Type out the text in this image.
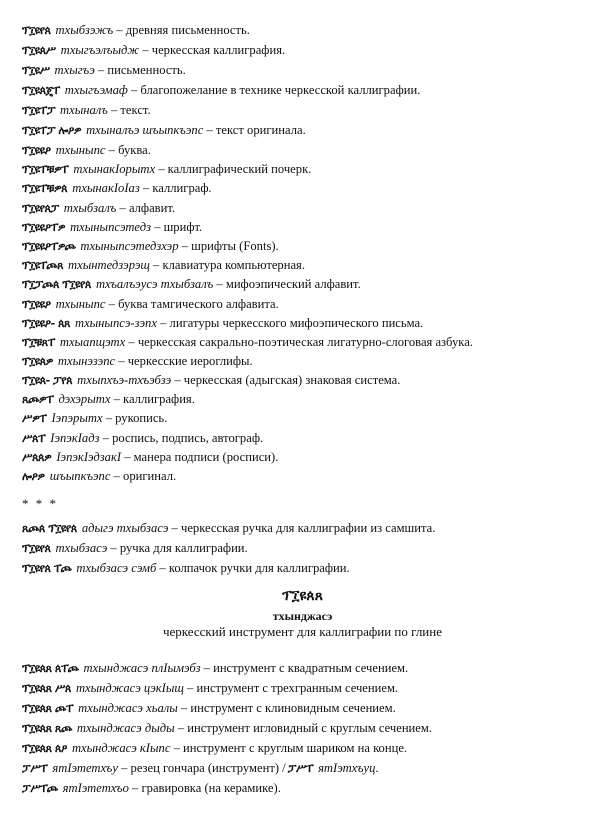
ፕ፲ዩየጰ тхыбзэжъ – древняя письменность.
ፕ፲ዩጰሥ тхыгъэлъыдж – черкесская каллиграфия.
ፕ፲ዩሥ тхыгъэ – письменность.
ፕ፲ዩጰጄፐ тхыгъэмаф – благопожелание в технике черкесской каллиграфии.
ፕ፲ዩፐፓ тхыналъ – текст.
ፕ፲ዩፐፓ ሎዖዎ тхыналъэ шъыпкъэпс – текст оригинала.
ፕ፲ዩዩዖ тхыныпс – буква.
ፕ፲ዩፐቹዎፐ тхынакIорытх – каллиграфический почерк.
ፕ፲ዩፐቹዎጰ тхынакIоIаз – каллиграф.
ፕ፲ዩየጰፓ тхыбзалъ – алфавит.
ፕ፲ዩዩዖፐዎ тхыныпсэтедз – шрифт.
ፕ፲ዩዩዖፐዎጮ тхыныпсэтедзхэр – шрифты (Fonts).
ፕ፲ዩፐጮጸ тхынтедзэрэщ – клавиатура компьютерная.
ፕ፲ፓጮጰ ፕ፲ዩየጰ тхъалъэусэ тхыбзалъ – мифоэпический алфавит.
ፕ፲ዩዩዖ тхыныпс – буква тамгического алфавита.
ፕ፲ዩዩዖ- ጰጸ тхыныпсэ-зэпх – лигатуры черкесского мифоэпического письма.
ፕ፲ቹጸፐ тхыапщэтх – черкесская сакрально-поэтическая лигатурно-слоговая азбука.
ፕ፲ዩጰዎ тхынэзэпс – черкесские иероглифы.
ፕ፲ዩጰ- ፓየጰ тхыпхъэ-тхъэбзэ – черкесская (адыгская) знаковая система.
ጸጮዎፐ дэхэрытх – каллиграфия.
ሥዎፐ Iэпэрытх – рукопись.
ሥጰፐ IэпэкIадз – роспись, подпись, автограф.
ሥጰጰዎ IэпэкIэдзакI – манера подписи (росписи).
ሎዖዎ шъыпкъэпс – оригинал.
* * *
ጸጮጰ ፕ፲ዩየጰ адыгэ тхыбзасэ – черкесская ручка для каллиграфии из самшита.
ፕ፲ዩየጰ тхыбзасэ – ручка для каллиграфии.
ፕ፲ዩየጰ ፐጮ тхыбзасэ сэмб – колпачок ручки для каллиграфии.
ፕ፲ዩጰጸ
тхынджасэ
черкесский инструмент для каллиграфии по глине
ፕ፲ዩጰጸ ጰፐጮ тхынджасэ плIымэбз – инструмент с квадратным сечением.
ፕ፲ዩጰጸ ሥጰ тхынджасэ цэкIыщ – инструмент с трехгранным сечением.
ፕ፲ዩጰጸ ጮፐ тхынджасэ хьалы – инструмент с клиновидным сечением.
ፕ፲ዩጰጸ ጸጮ тхынджасэ дыды – инструмент игловидный с круглым сечением.
ፕ፲ዩጰጸ ጰዖ тхынджасэ кIыпс – инструмент с круглым шариком на конце.
ፓሥፐ ятIэтетхъу – резец гончара (инструмент) / ፓሥፐ ятIэтхъуц.
ፓሥፐጮ ятIэтетхъо – гравировка (на керамике).
